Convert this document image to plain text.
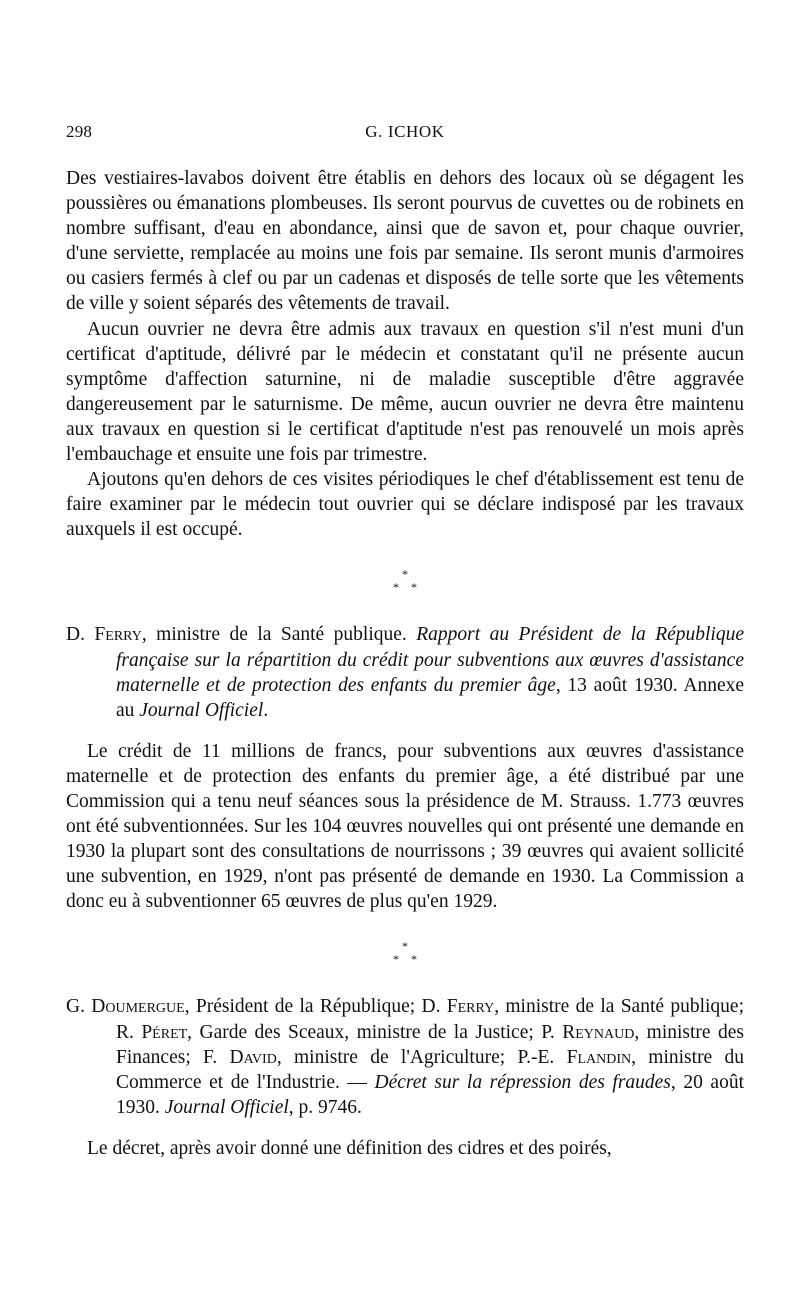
298	G. ICHOK

Des vestiaires-lavabos doivent être établis en dehors des locaux où se dégagent les poussières ou émanations plombeuses. Ils seront pourvus de cuvettes ou de robinets en nombre suffisant, d'eau en abondance, ainsi que de savon et, pour chaque ouvrier, d'une serviette, remplacée au moins une fois par semaine. Ils seront munis d'armoires ou casiers fermés à clef ou par un cadenas et disposés de telle sorte que les vêtements de ville y soient séparés des vêtements de travail.

Aucun ouvrier ne devra être admis aux travaux en question s'il n'est muni d'un certificat d'aptitude, délivré par le médecin et constatant qu'il ne présente aucun symptôme d'affection saturnine, ni de maladie susceptible d'être aggravée dangereusement par le saturnisme. De même, aucun ouvrier ne devra être maintenu aux travaux en question si le certificat d'aptitude n'est pas renouvelé un mois après l'embauchage et ensuite une fois par trimestre.

Ajoutons qu'en dehors de ces visites périodiques le chef d'établissement est tenu de faire examiner par le médecin tout ouvrier qui se déclare indisposé par les travaux auxquels il est occupé.

*
* *

D. Ferry, ministre de la Santé publique. Rapport au Président de la République française sur la répartition du crédit pour subventions aux œuvres d'assistance maternelle et de protection des enfants du premier âge, 13 août 1930. Annexe au Journal Officiel.

Le crédit de 11 millions de francs, pour subventions aux œuvres d'assistance maternelle et de protection des enfants du premier âge, a été distribué par une Commission qui a tenu neuf séances sous la présidence de M. Strauss. 1.773 œuvres ont été subventionnées. Sur les 104 œuvres nouvelles qui ont présenté une demande en 1930 la plupart sont des consultations de nourrissons ; 39 œuvres qui avaient sollicité une subvention, en 1929, n'ont pas présenté de demande en 1930. La Commission a donc eu à subventionner 65 œuvres de plus qu'en 1929.

*
* *

G. Doumergue, Président de la République; D. Ferry, ministre de la Santé publique; R. Péret, Garde des Sceaux, ministre de la Justice; P. Reynaud, ministre des Finances; F. David, ministre de l'Agriculture; P.-E. Flandin, ministre du Commerce et de l'Industrie. — Décret sur la répression des fraudes, 20 août 1930. Journal Officiel, p. 9746.

Le décret, après avoir donné une définition des cidres et des poirés,
